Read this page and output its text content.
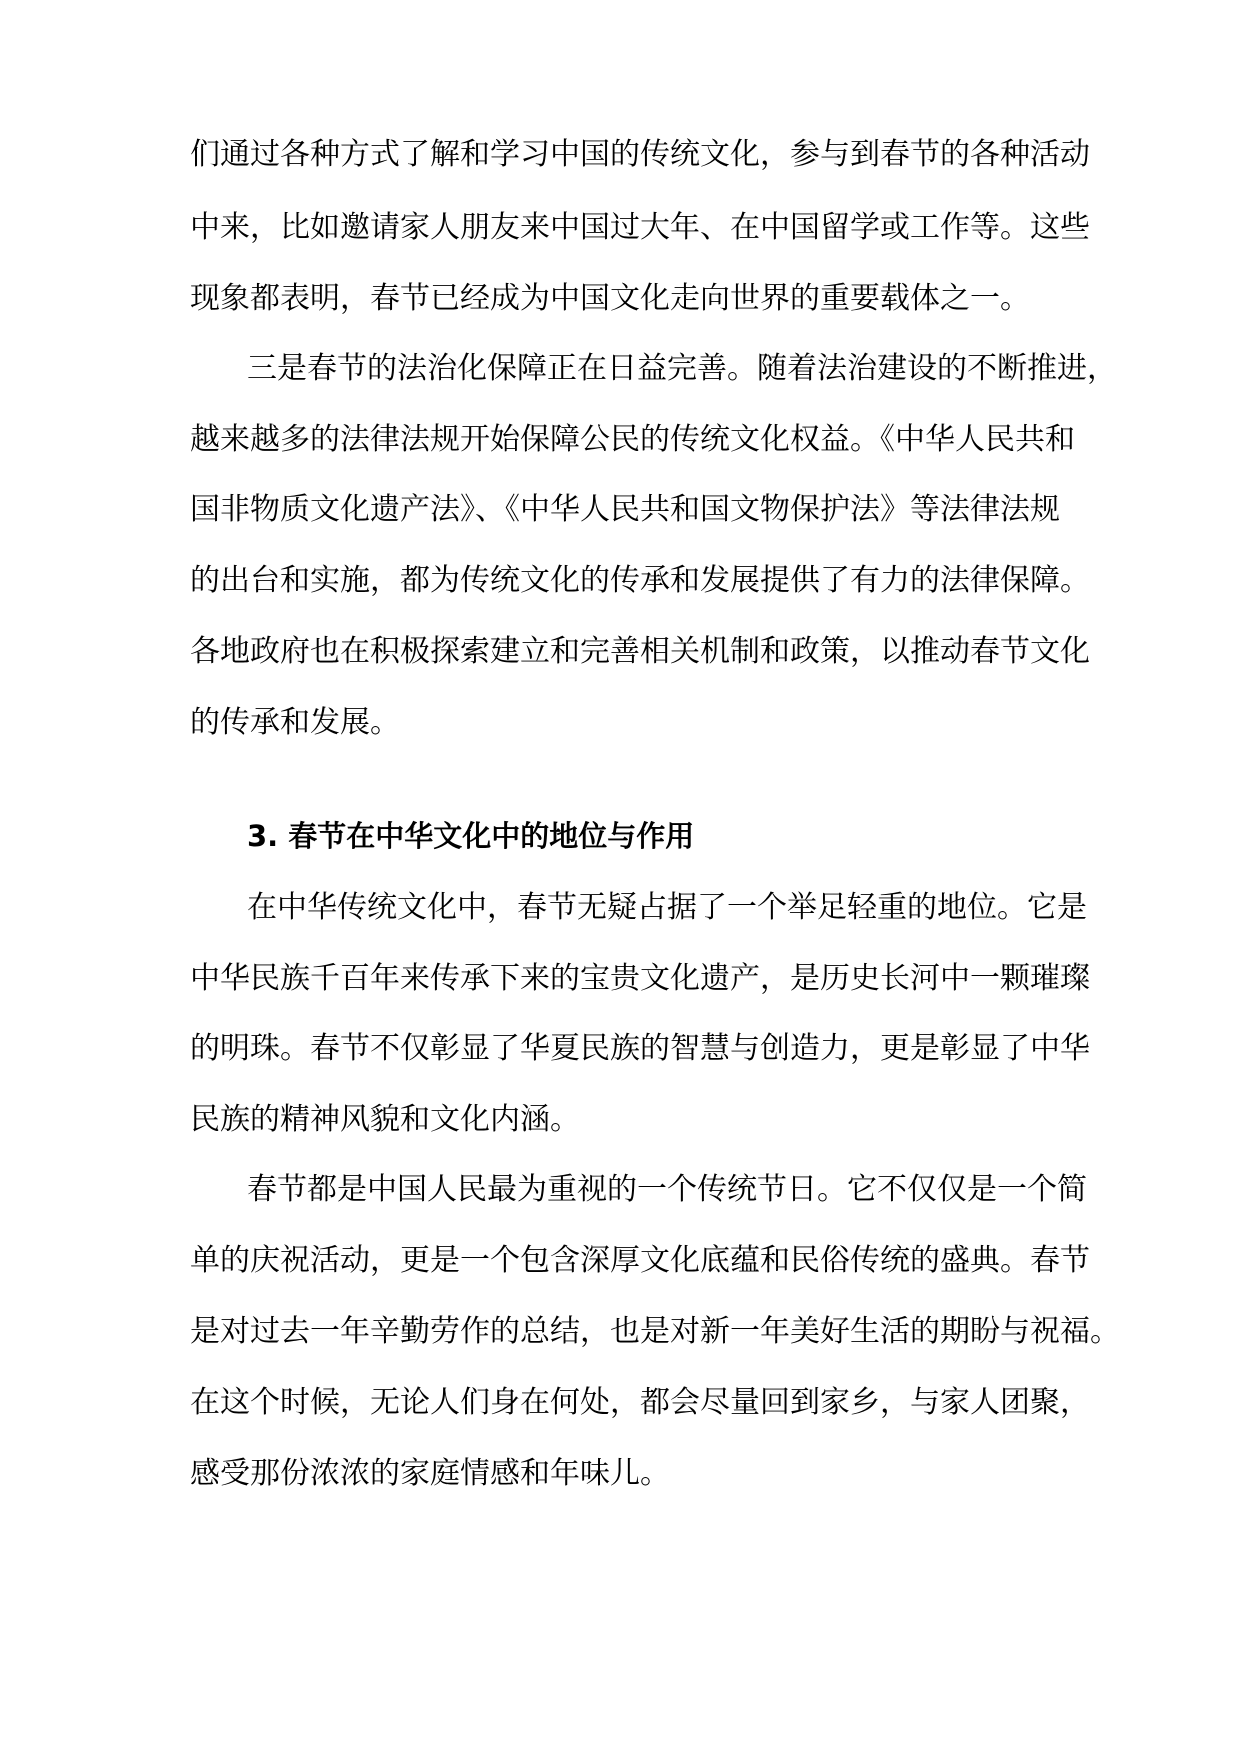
们通过各种方式了解和学习中国的传统文化，参与到春节的各种活动

中来，比如邀请家人朋友来中国过大年、在中国留学或工作等。这些

现象都表明，春节已经成为中国文化走向世界的重要载体之一。

三是春节的法治化保障正在日益完善。随着法治建设的不断推进，

越来越多的法律法规开始保障公民的传统文化权益。《中华人民共和

国非物质文化遗产法》、《中华人民共和国文物保护法》等法律法规

的出台和实施，都为传统文化的传承和发展提供了有力的法律保障。

各地政府也在积极探索建立和完善相关机制和政策，以推动春节文化

的传承和发展。

3. 春节在中华文化中的地位与作用

在中华传统文化中，春节无疑占据了一个举足轻重的地位。它是

中华民族千百年来传承下来的宝贵文化遗产，是历史长河中一颗璀璨

的明珠。春节不仅彰显了华夏民族的智慧与创造力，更是彰显了中华

民族的精神风貌和文化内涵。

春节都是中国人民最为重视的一个传统节日。它不仅仅是一个简

单的庆祝活动，更是一个包含深厚文化底蕴和民俗传统的盛典。春节

是对过去一年辛勤劳作的总结，也是对新一年美好生活的期盼与祝福。

在这个时候，无论人们身在何处，都会尽量回到家乡，与家人团聚，

感受那份浓浓的家庭情感和年味儿。
